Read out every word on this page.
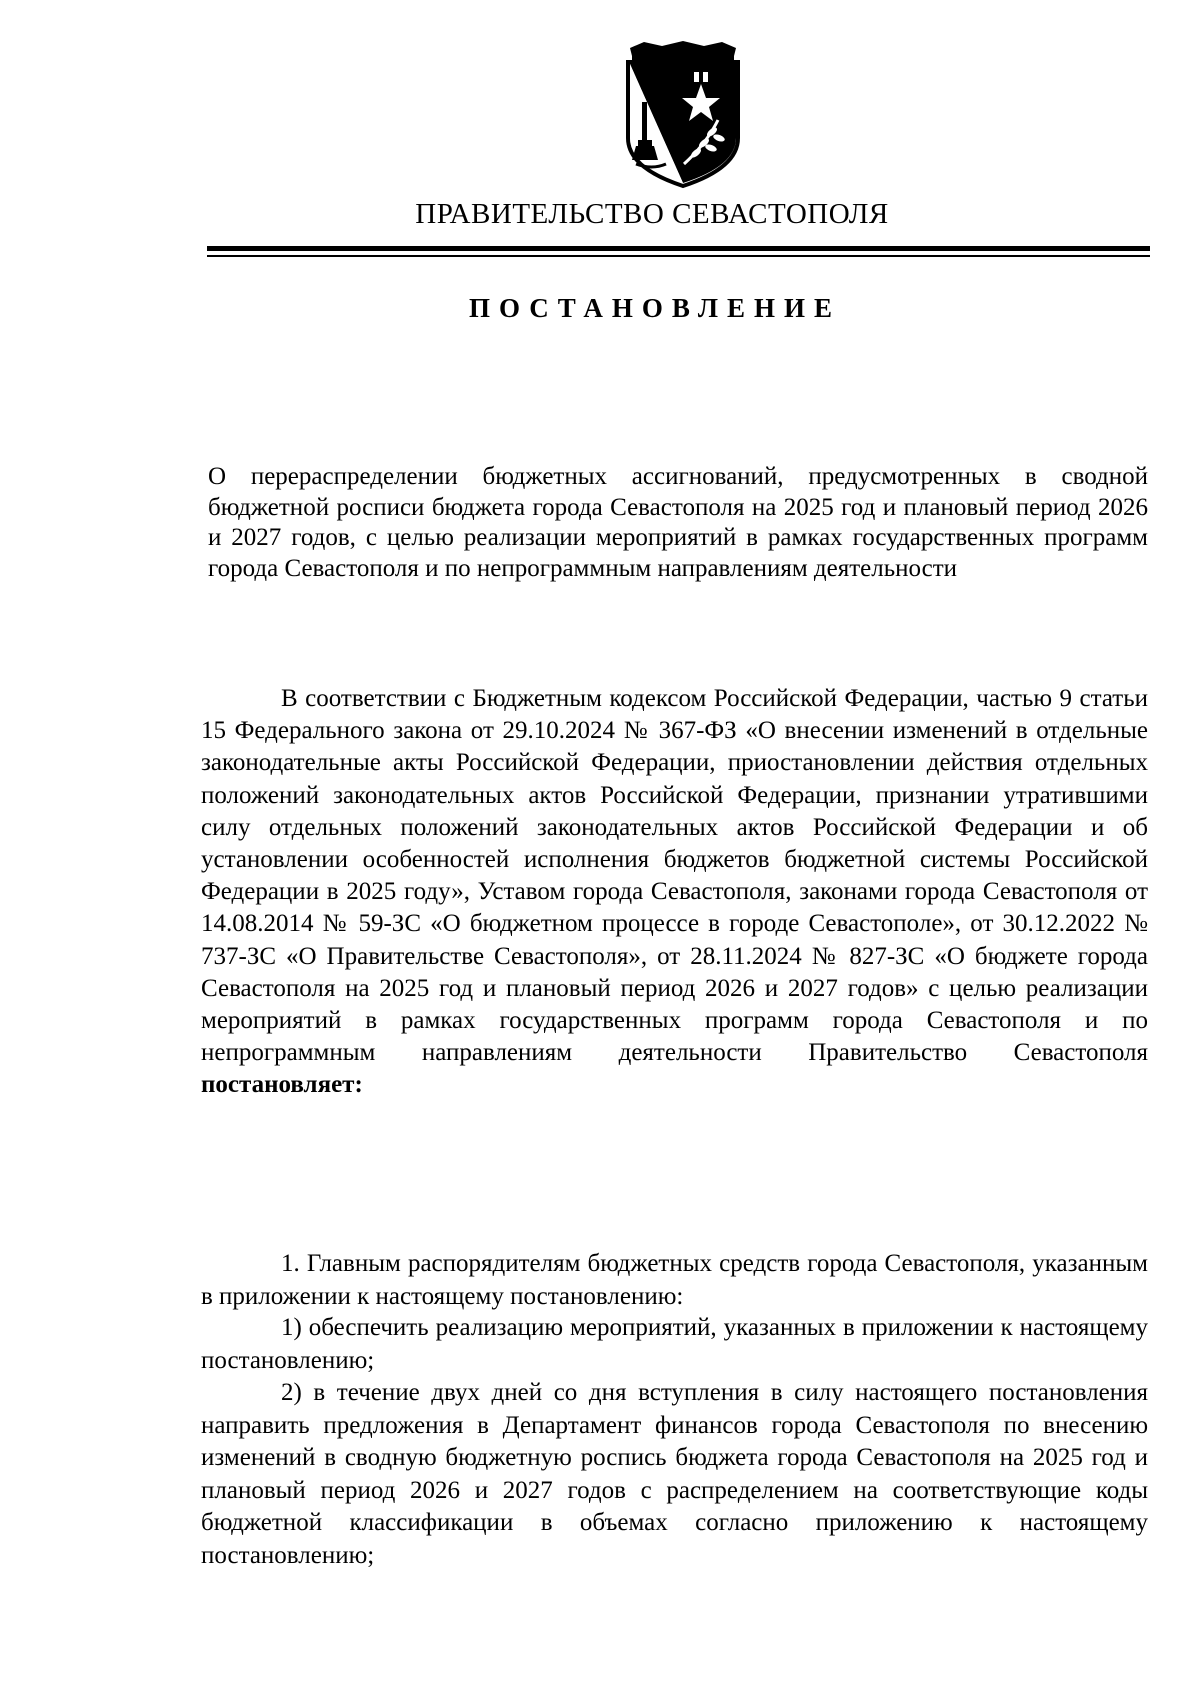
ПРАВИТЕЛЬСТВО СЕВАСТОПОЛЯ
ПОСТАНОВЛЕНИЕ
О перераспределении бюджетных ассигнований, предусмотренных в сводной бюджетной росписи бюджета города Севастополя на 2025 год и плановый период 2026 и 2027 годов, с целью реализации мероприятий в рамках государственных программ города Севастополя и по непрограммным направлениям деятельности
В соответствии с Бюджетным кодексом Российской Федерации, частью 9 статьи 15 Федерального закона от 29.10.2024 № 367-ФЗ «О внесении изменений в отдельные законодательные акты Российской Федерации, приостановлении действия отдельных положений законодательных актов Российской Федерации, признании утратившими силу отдельных положений законодательных актов Российской Федерации и об установлении особенностей исполнения бюджетов бюджетной системы Российской Федерации в 2025 году», Уставом города Севастополя, законами города Севастополя от 14.08.2014 № 59-ЗС «О бюджетном процессе в городе Севастополе», от 30.12.2022 № 737-ЗС «О Правительстве Севастополя», от 28.11.2024 № 827-ЗС «О бюджете города Севастополя на 2025 год и плановый период 2026 и 2027 годов» с целью реализации мероприятий в рамках государственных программ города Севастополя и по непрограммным направлениям деятельности Правительство Севастополя постановляет:

1. Главным распорядителям бюджетных средств города Севастополя, указанным в приложении к настоящему постановлению:

1) обеспечить реализацию мероприятий, указанных в приложении к настоящему постановлению;

2) в течение двух дней со дня вступления в силу настоящего постановления направить предложения в Департамент финансов города Севастополя по внесению изменений в сводную бюджетную роспись бюджета города Севастополя на 2025 год и плановый период 2026 и 2027 годов с распределением на соответствующие коды бюджетной классификации в объемах согласно приложению к настоящему постановлению;
